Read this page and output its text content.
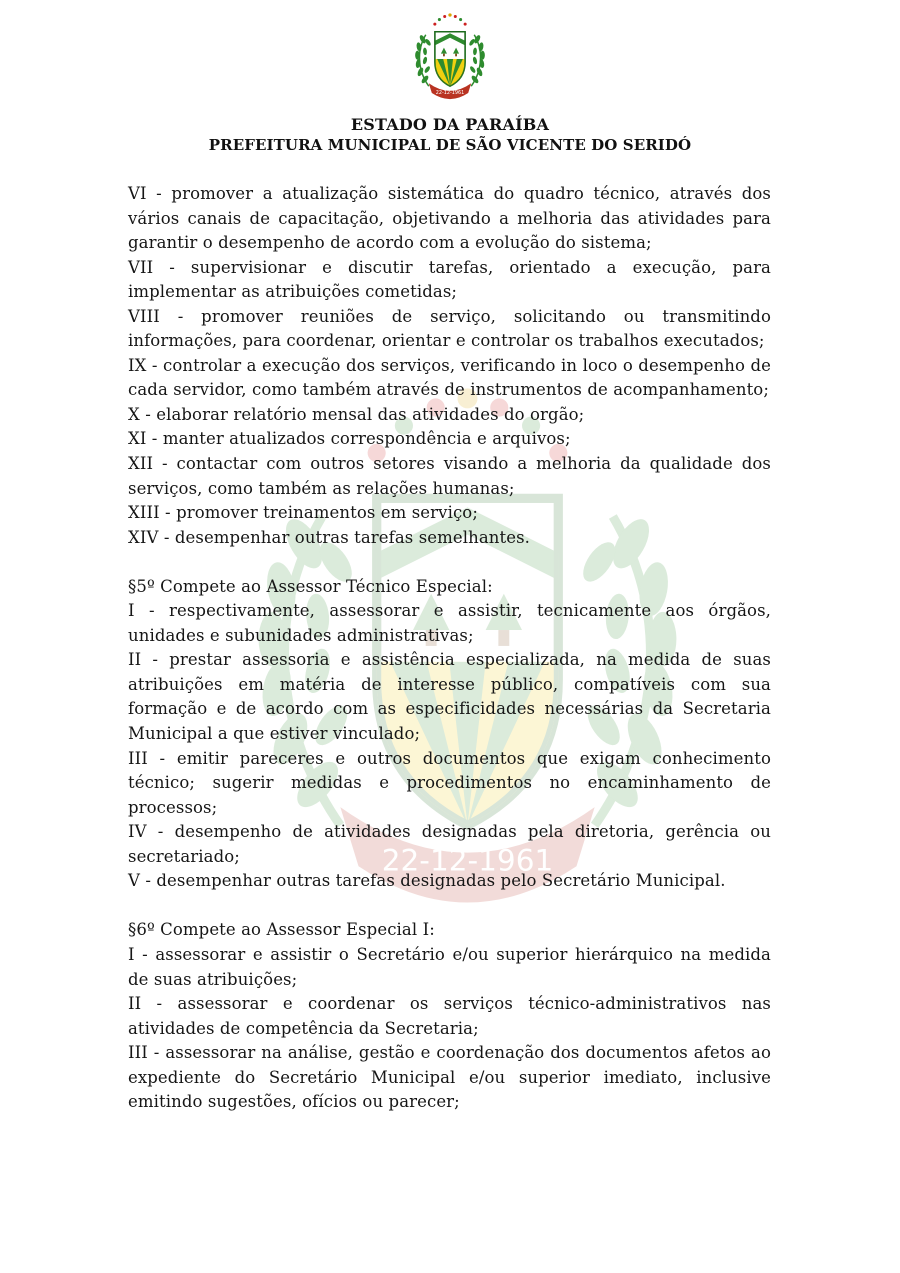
ESTADO DA PARAÍBA
PREFEITURA MUNICIPAL DE SÃO VICENTE DO SERIDÓ

VI - promover a atualização sistemática do quadro técnico, através dos vários canais de capacitação, objetivando a melhoria das atividades para garantir o desempenho de acordo com a evolução do sistema;

VII - supervisionar e discutir tarefas, orientado a execução, para implementar as atribuições cometidas;

VIII - promover reuniões de serviço, solicitando ou transmitindo informações, para coordenar, orientar e controlar os trabalhos executados;

IX - controlar a execução dos serviços, verificando in loco o desempenho de cada servidor, como também através de instrumentos de acompanhamento;

X - elaborar relatório mensal das atividades do orgão;

XI - manter atualizados correspondência e arquivos;

XII - contactar com outros setores visando a melhoria da qualidade dos serviços, como também as relações humanas;

XIII - promover treinamentos em serviço;

XIV - desempenhar outras tarefas semelhantes.

§5º Compete ao Assessor Técnico Especial:

I - respectivamente, assessorar e assistir, tecnicamente aos órgãos, unidades e subunidades administrativas;

II - prestar assessoria e assistência especializada, na medida de suas atribuições em matéria de interesse público, compatíveis com sua formação e de acordo com as especificidades necessárias da Secretaria Municipal a que estiver vinculado;

III - emitir pareceres e outros documentos que exigam conhecimento técnico; sugerir medidas e procedimentos no encaminhamento de processos;

IV - desempenho de atividades designadas pela diretoria, gerência ou secretariado;

V - desempenhar outras tarefas designadas pelo Secretário Municipal.

§6º Compete ao Assessor Especial I:

I - assessorar e assistir o Secretário e/ou superior hierárquico na medida de suas atribuições;

II - assessorar e coordenar os serviços técnico-administrativos nas atividades de competência da Secretaria;

III - assessorar na análise, gestão e coordenação dos documentos afetos ao expediente do Secretário Municipal e/ou superior imediato, inclusive emitindo sugestões, ofícios ou parecer;
